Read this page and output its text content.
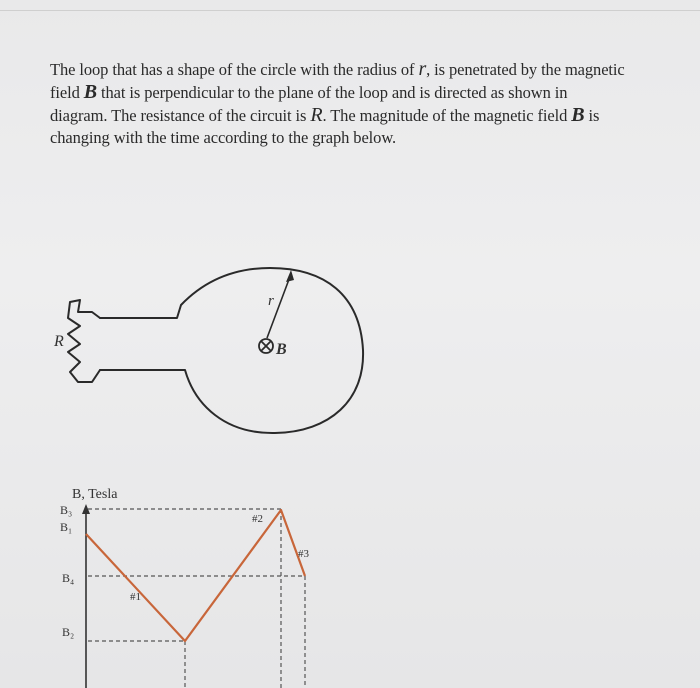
The loop that has a shape of the circle with the radius of r, is penetrated by the magnetic

field B that is perpendicular to the plane of the loop and is directed as shown in

diagram. The resistance of the circuit is R. The magnitude of the magnetic field B is

changing with the time according to the graph below.

R
r
B
B, Tesla
B₃
B₁
B₄
B₂
#1
#2
#3
